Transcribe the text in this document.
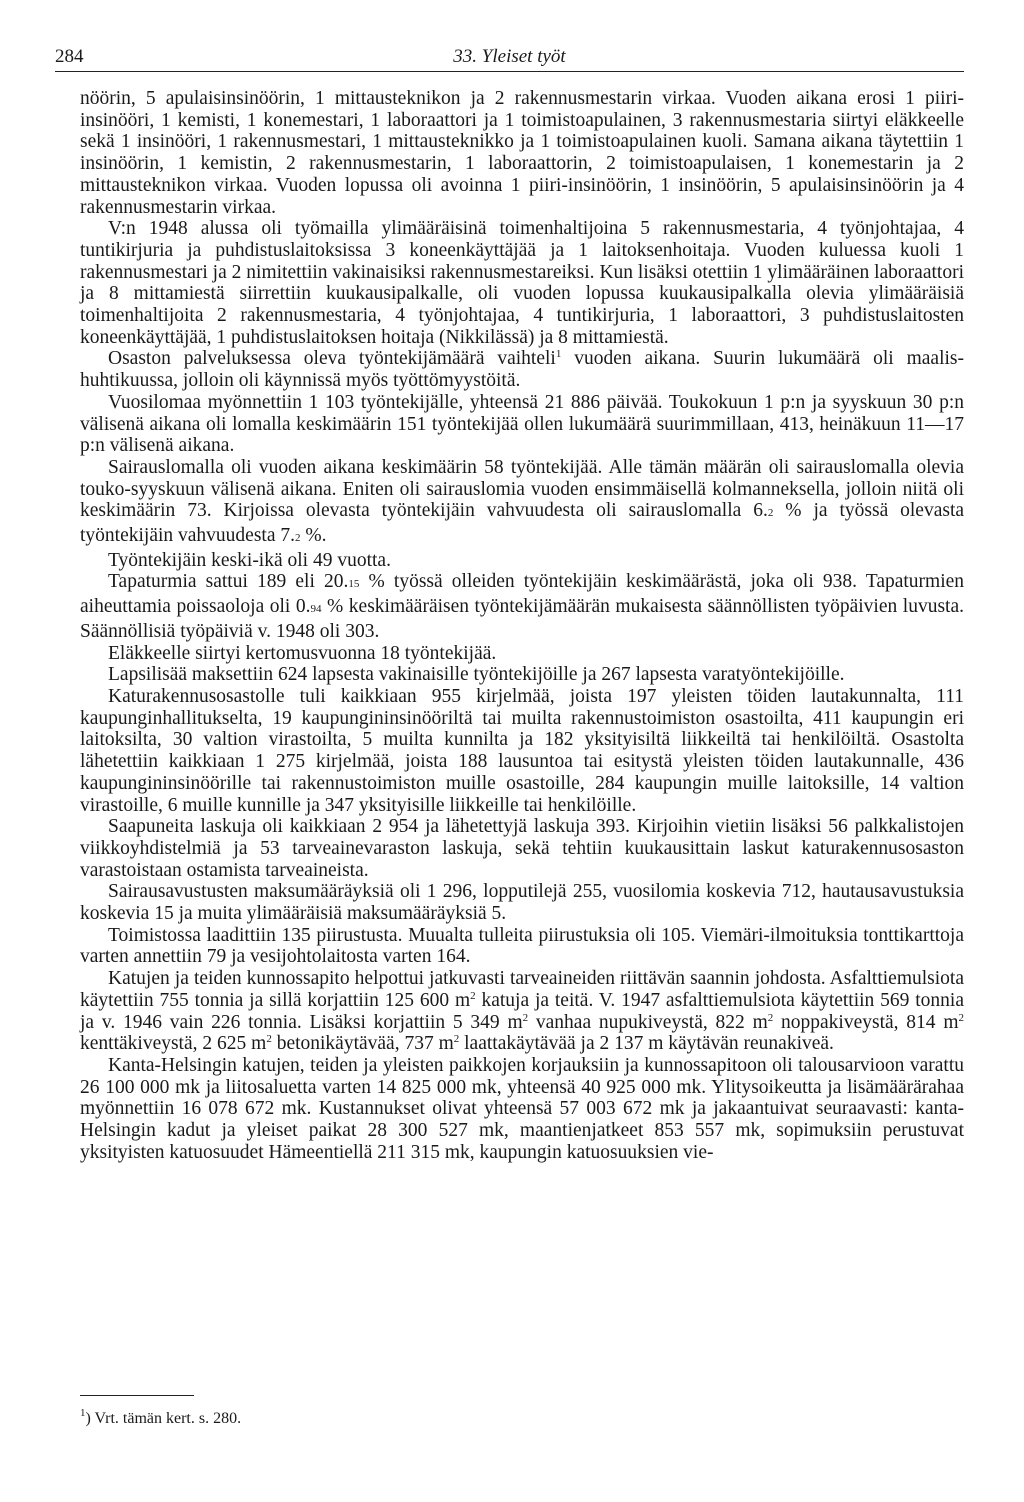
284	33. Yleiset työt

nöörin, 5 apulaisinsinöörin, 1 mittausteknikon ja 2 rakennusmestarin virkaa. Vuoden aikana erosi 1 piiri-insinööri, 1 kemisti, 1 konemestari, 1 laboraattori ja 1 toimistoapulainen, 3 rakennusmestaria siirtyi eläkkeelle sekä 1 insinööri, 1 rakennusmestari, 1 mittausteknikko ja 1 toimistoapulainen kuoli. Samana aikana täytettiin 1 insinöörin, 1 kemistin, 2 rakennusmestarin, 1 laboraattorin, 2 toimistoapulaisen, 1 konemestarin ja 2 mittausteknikon virkaa. Vuoden lopussa oli avoinna 1 piiri-insinöörin, 1 insinöörin, 5 apulaisinsinöörin ja 4 rakennusmestarin virkaa.

V:n 1948 alussa oli työmailla ylimääräisinä toimenhaltijoina 5 rakennusmestaria, 4 työnjohtajaa, 4 tuntikirjuria ja puhdistuslaitoksissa 3 koneenkäyttäjää ja 1 laitoksenhoitaja. Vuoden kuluessa kuoli 1 rakennusmestari ja 2 nimitettiin vakinaisiksi rakennusmestareiksi. Kun lisäksi otettiin 1 ylimääräinen laboraattori ja 8 mittamiestä siirrettiin kuukausipalkalle, oli vuoden lopussa kuukausipalkalla olevia ylimääräisiä toimenhaltijoita 2 rakennusmestaria, 4 työnjohtajaa, 4 tuntikirjuria, 1 laboraattori, 3 puhdistuslaitosten koneenkäyttäjää, 1 puhdistuslaitoksen hoitaja (Nikkilässä) ja 8 mittamiestä.

Osaston palveluksessa oleva työntekijämäärä vaihteli$^1$ vuoden aikana. Suurin lukumäärä oli maalis-huhtikuussa, jolloin oli käynnissä myös työttömyystöitä.

Vuosilomaa myönnettiin 1 103 työntekijälle, yhteensä 21 886 päivää. Toukokuun 1 p:n ja syyskuun 30 p:n välisenä aikana oli lomalla keskimäärin 151 työntekijää ollen lukumäärä suurimmillaan, 413, heinäkuun 11—17 p:n välisenä aikana.

Sairauslomalla oli vuoden aikana keskimäärin 58 työntekijää. Alle tämän määrän oli sairauslomalla olevia touko-syyskuun välisenä aikana. Eniten oli sairauslomia vuoden ensimmäisellä kolmanneksella, jolloin niitä oli keskimäärin 73. Kirjoissa olevasta työntekijäin vahvuudesta oli sairauslomalla 6.2 % ja työssä olevasta työntekijäin vahvuudesta 7.2 %.

Työntekijäin keski-ikä oli 49 vuotta.

Tapaturmia sattui 189 eli 20.15 % työssä olleiden työntekijäin keskimäärästä, joka oli 938. Tapaturmien aiheuttamia poissaoloja oli 0.94 % keskimääräisen työntekijämäärän mukaisesta säännöllisten työpäivien luvusta. Säännöllisiä työpäiviä v. 1948 oli 303.

Eläkkeelle siirtyi kertomusvuonna 18 työntekijää.

Lapsilisää maksettiin 624 lapsesta vakinaisille työntekijöille ja 267 lapsesta varatyöntekijöille.

Katurakennusosastolle tuli kaikkiaan 955 kirjelmää, joista 197 yleisten töiden lautakunnalta, 111 kaupunginhallitukselta, 19 kaupungininsinööriltä tai muilta rakennustoimiston osastoilta, 411 kaupungin eri laitoksilta, 30 valtion virastoilta, 5 muilta kunnilta ja 182 yksityisiltä liikkeiltä tai henkilöiltä. Osastolta lähetettiin kaikkiaan 1 275 kirjelmää, joista 188 lausuntoa tai esitystä yleisten töiden lautakunnalle, 436 kaupungininsinöörille tai rakennustoimiston muille osastoille, 284 kaupungin muille laitoksille, 14 valtion virastoille, 6 muille kunnille ja 347 yksityisille liikkeille tai henkilöille.

Saapuneita laskuja oli kaikkiaan 2 954 ja lähetettyjä laskuja 393. Kirjoihin vietiin lisäksi 56 palkkalistojen viikkoyhdistelmiä ja 53 tarveainevaraston laskuja, sekä tehtiin kuukausittain laskut katurakennusosaston varastoistaan ostamista tarveaineista.

Sairausavustusten maksumääräyksiä oli 1 296, lopputilejä 255, vuosilomia koskevia 712, hautausavustuksia koskevia 15 ja muita ylimääräisiä maksumääräyksiä 5.

Toimistossa laadittiin 135 piirustusta. Muualta tulleita piirustuksia oli 105. Viemäri-ilmoituksia tonttikarttoja varten annettiin 79 ja vesijohtolaitosta varten 164.

Katujen ja teiden kunnossapito helpottui jatkuvasti tarveaineiden riittävän saannin johdosta. Asfalttiemulsiota käytettiin 755 tonnia ja sillä korjattiin 125 600 $m^2$ katuja ja teitä. V. 1947 asfalttiemulsiota käytettiin 569 tonnia ja v. 1946 vain 226 tonnia. Lisäksi korjattiin 5 349 $m^2$ vanhaa nupukiveystä, 822 $m^2$ noppakiveystä, 814 $m^2$ kenttäkiveystä, 2 625 $m^2$ betonikäytävää, 737 $m^2$ laattakäytävää ja 2 137 m käytävän reunakiveä.

Kanta-Helsingin katujen, teiden ja yleisten paikkojen korjauksiin ja kunnossapitoon oli talousarvioon varattu 26 100 000 mk ja liitosaluetta varten 14 825 000 mk, yhteensä 40 925 000 mk. Ylitysoikeutta ja lisämäärärahaa myönnettiin 16 078 672 mk. Kustannukset olivat yhteensä 57 003 672 mk ja jakaantuivat seuraavasti: kanta-Helsingin kadut ja yleiset paikat 28 300 527 mk, maantienjatkeet 853 557 mk, sopimuksiin perustuvat yksityisten katuosuudet Hämeentiellä 211 315 mk, kaupungin katuosuuksien vie-

$^1$) Vrt. tämän kert. s. 280.
